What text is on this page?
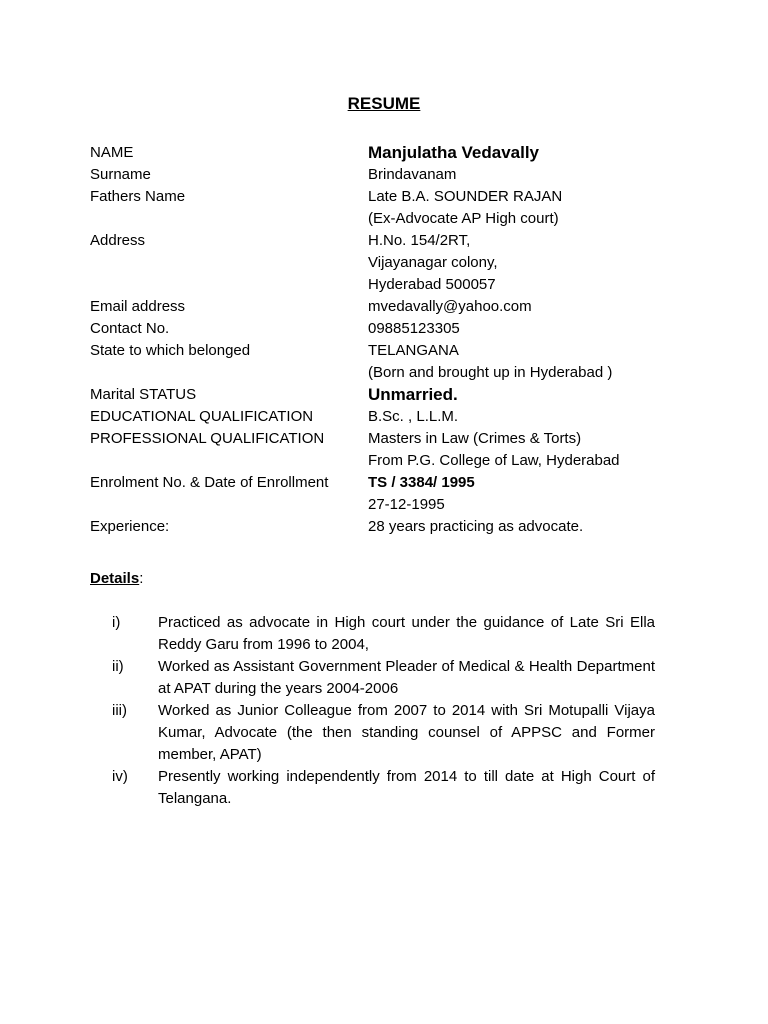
RESUME
NAME	Manjulatha Vedavally
Surname	Brindavanam
Fathers Name	Late B.A. SOUNDER RAJAN
(Ex-Advocate AP High court)
Address	H.No. 154/2RT,
Vijayanagar colony,
Hyderabad 500057
Email address	mvedavally@yahoo.com
Contact No.	09885123305
State to which belonged	TELANGANA
(Born and brought up in Hyderabad )
Marital STATUS	Unmarried.
EDUCATIONAL QUALIFICATION	B.Sc. , L.L.M.
PROFESSIONAL QUALIFICATION	Masters in Law (Crimes & Torts)
From P.G. College of Law, Hyderabad
Enrolment No. & Date of Enrollment	TS / 3384/ 1995
27-12-1995
Experience:	28 years practicing as advocate.
Details:
i)	Practiced as advocate in High court under the guidance of Late Sri Ella Reddy Garu from 1996 to 2004,
ii)	Worked as Assistant Government Pleader of Medical & Health Department at APAT during the years 2004-2006
iii)	Worked as Junior Colleague from 2007 to 2014 with Sri Motupalli Vijaya Kumar, Advocate (the then standing counsel of APPSC and Former member, APAT)
iv)	Presently working independently from 2014 to till date at High Court of Telangana.
